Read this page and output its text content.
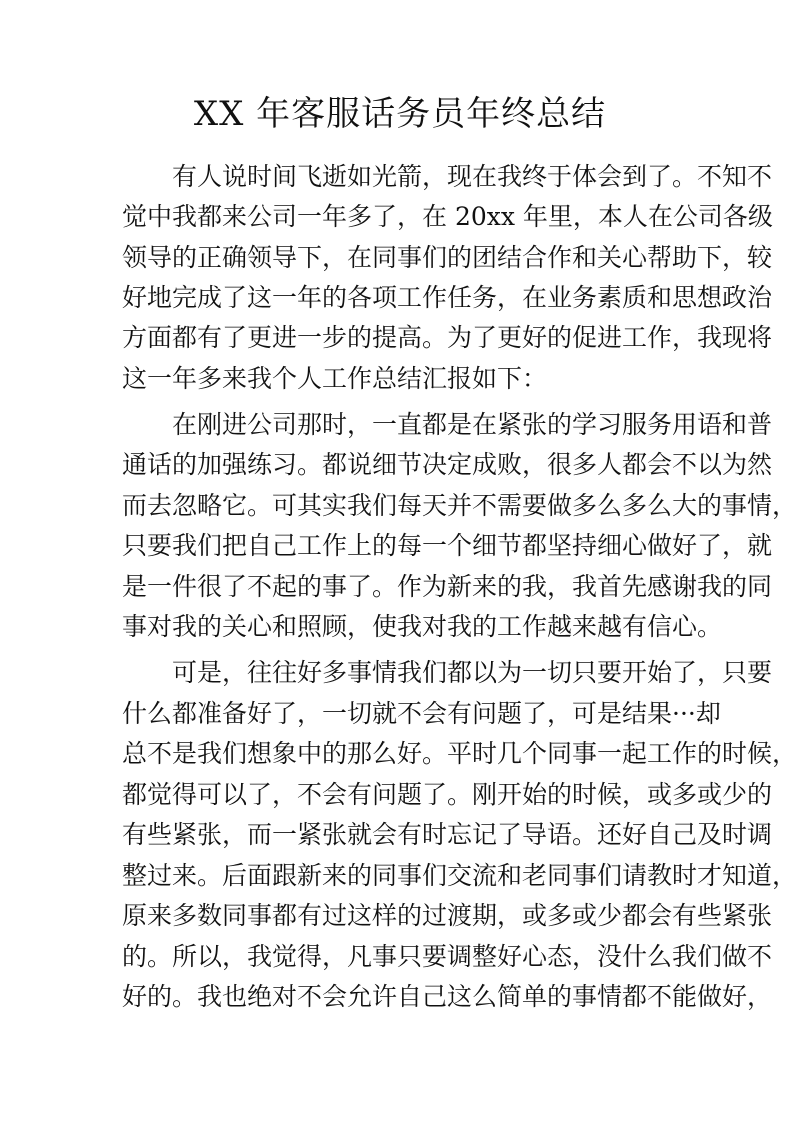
XX 年客服话务员年终总结
有人说时间飞逝如光箭，现在我终于体会到了。不知不
觉中我都来公司一年多了，在 20xx 年里，本人在公司各级
领导的正确领导下，在同事们的团结合作和关心帮助下，较
好地完成了这一年的各项工作任务，在业务素质和思想政治
方面都有了更进一步的提高。为了更好的促进工作，我现将
这一年多来我个人工作总结汇报如下：
在刚进公司那时，一直都是在紧张的学习服务用语和普
通话的加强练习。都说细节决定成败，很多人都会不以为然
而去忽略它。可其实我们每天并不需要做多么多么大的事情，
只要我们把自己工作上的每一个细节都坚持细心做好了，就
是一件很了不起的事了。作为新来的我，我首先感谢我的同
事对我的关心和照顾，使我对我的工作越来越有信心。
可是，往往好多事情我们都以为一切只要开始了，只要
什么都准备好了，一切就不会有问题了，可是结果···却
总不是我们想象中的那么好。平时几个同事一起工作的时候，
都觉得可以了，不会有问题了。刚开始的时候，或多或少的
有些紧张，而一紧张就会有时忘记了导语。还好自己及时调
整过来。后面跟新来的同事们交流和老同事们请教时才知道，
原来多数同事都有过这样的过渡期，或多或少都会有些紧张
的。所以，我觉得，凡事只要调整好心态，没什么我们做不
好的。我也绝对不会允许自己这么简单的事情都不能做好，
